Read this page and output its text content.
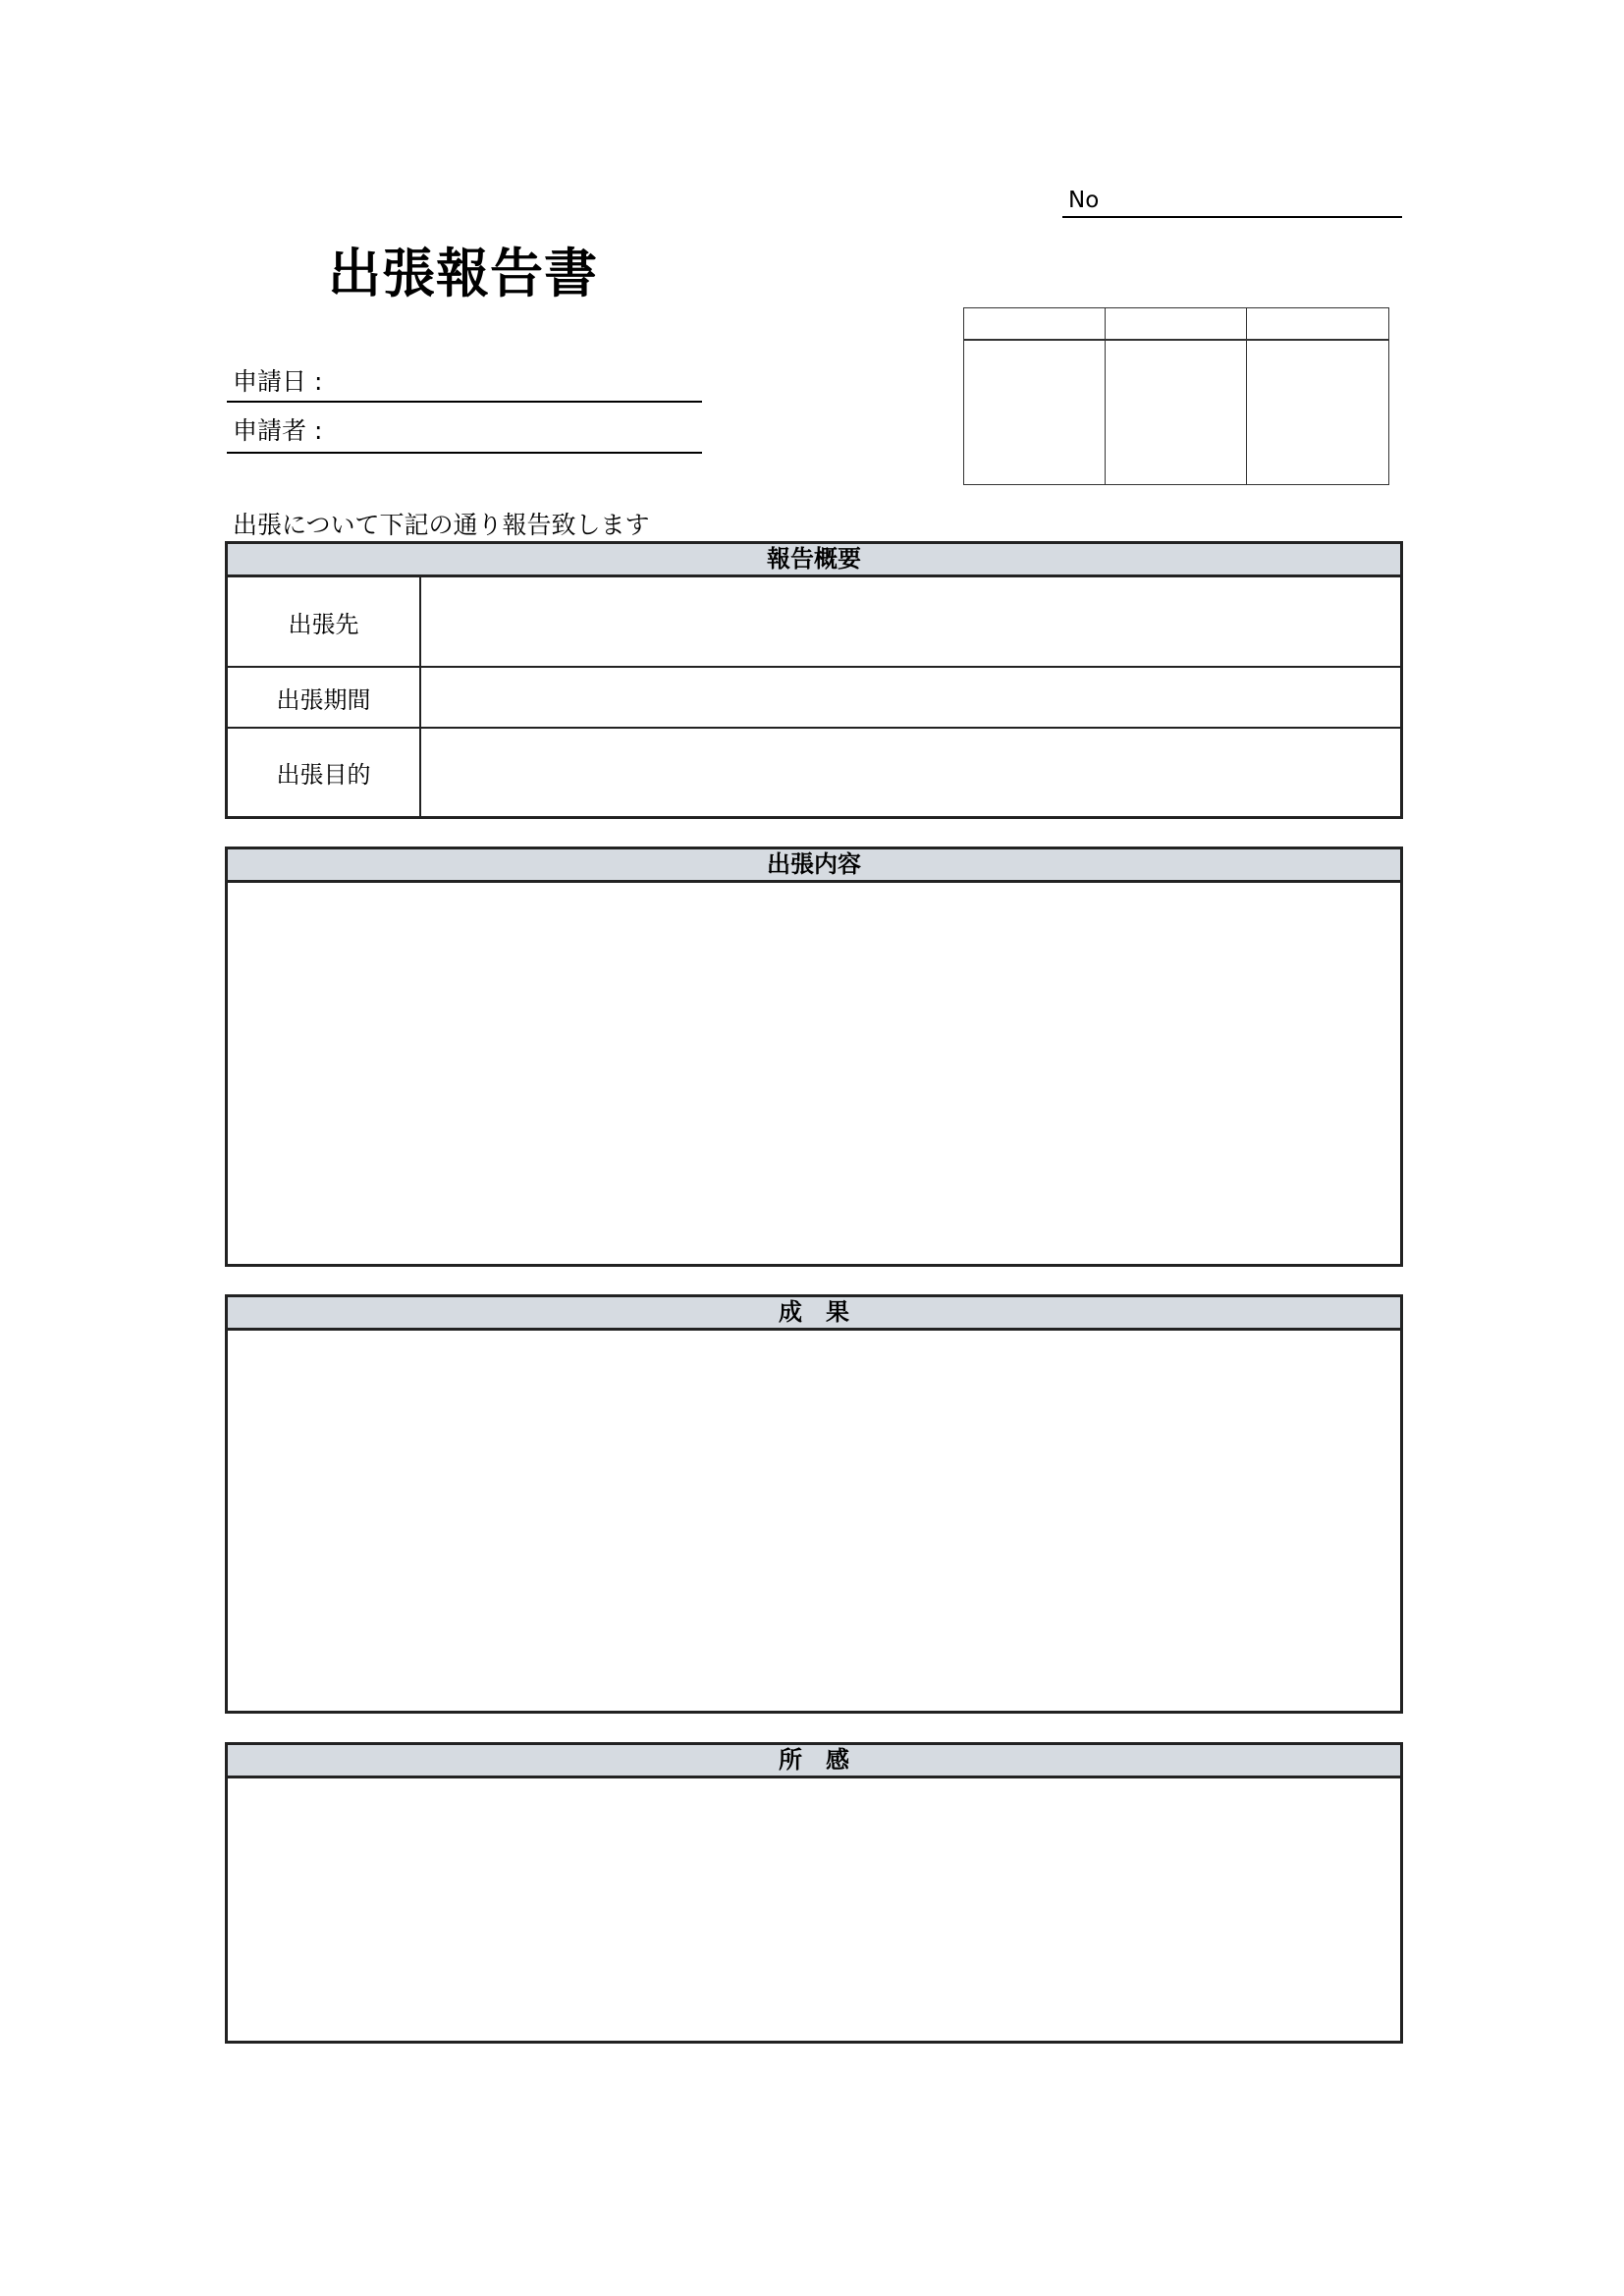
No
出張報告書
申請日 :
申請者 :
出張について下記の通り報告致します
報告概要
出張先
出張期間
出張目的
出張内容
成　果
所　感
